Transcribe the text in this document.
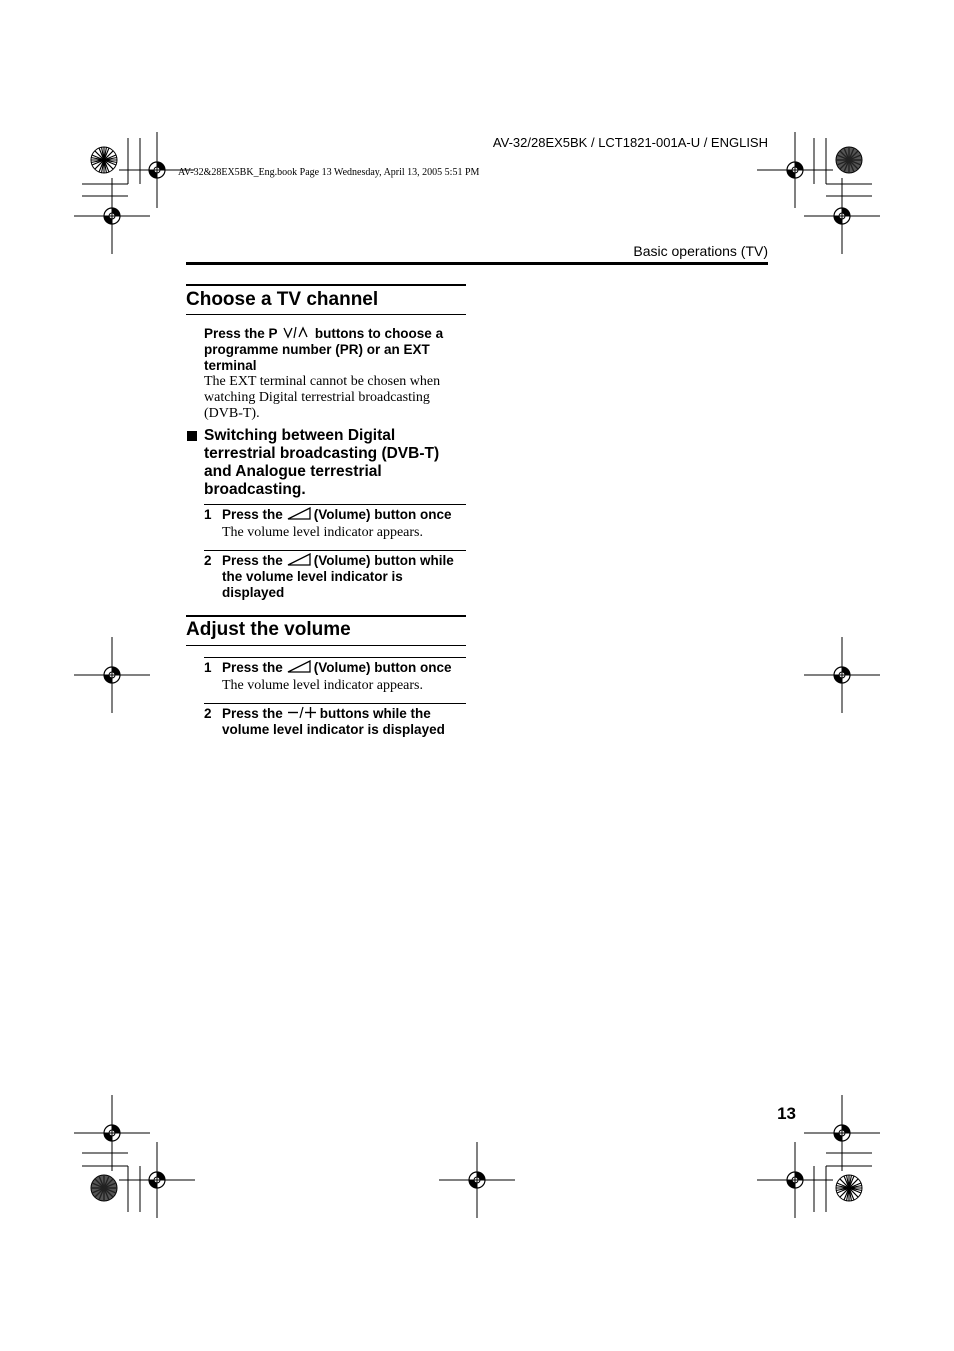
AV-32/28EX5BK / LCT1821-001A-U / ENGLISH
AV-32&28EX5BK_Eng.book Page 13 Wednesday, April 13, 2005 5:51 PM
Basic operations (TV)
Choose a TV channel
Press the P	buttons to choose a programme number (PR) or an EXT terminal
The EXT terminal cannot be chosen when watching Digital terrestrial broadcasting (DVB-T).
Switching between Digital terrestrial broadcasting (DVB-T) and Analogue terrestrial broadcasting.
1 Press the (Volume) button once
The volume level indicator appears.
2 Press the (Volume) button while the volume level indicator is displayed
Adjust the volume
1 Press the (Volume) button once
The volume level indicator appears.
2 Press the	buttons while the volume level indicator is displayed
13
